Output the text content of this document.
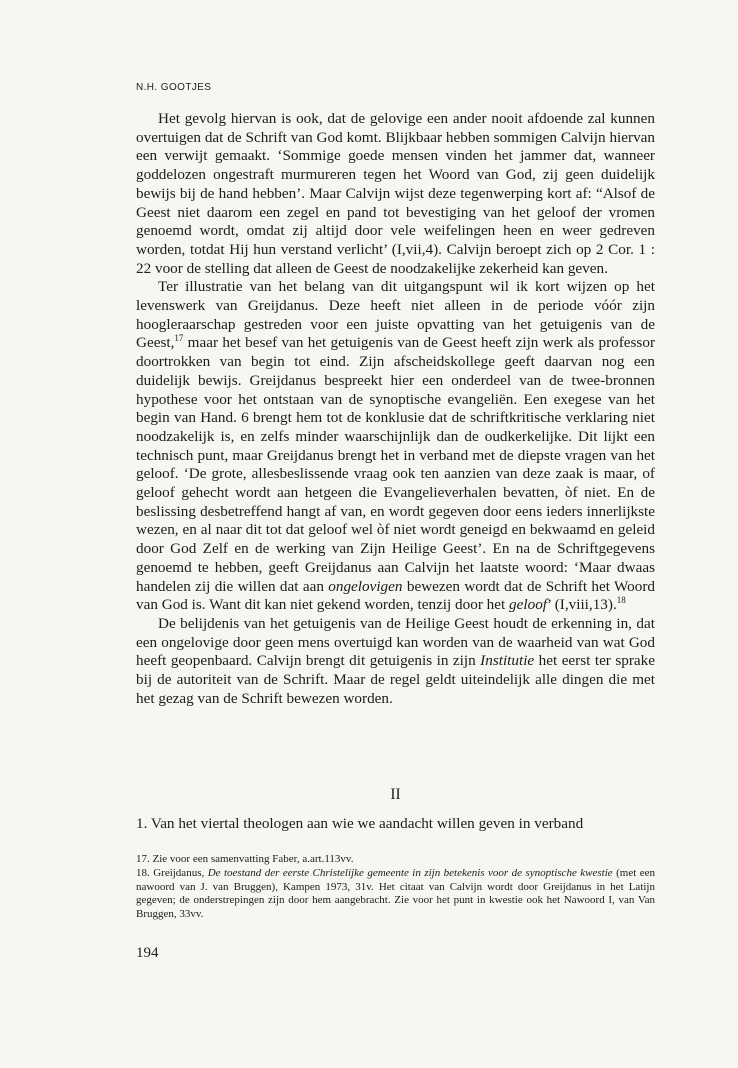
N.H. GOOTJES

Het gevolg hiervan is ook, dat de gelovige een ander nooit afdoende zal kunnen overtuigen dat de Schrift van God komt. Blijkbaar hebben sommigen Calvijn hiervan een verwijt gemaakt. ‘Sommige goede mensen vinden het jammer dat, wanneer goddelozen ongestraft murmureren tegen het Woord van God, zij geen duidelijk bewijs bij de hand hebben’. Maar Calvijn wijst deze tegenwerping kort af: “Alsof de Geest niet daarom een zegel en pand tot bevestiging van het geloof der vromen genoemd wordt, omdat zij altijd door vele weifelingen heen en weer gedreven worden, totdat Hij hun verstand verlicht’ (I,vii,4). Calvijn beroept zich op 2 Cor. 1 : 22 voor de stelling dat alleen de Geest de noodzakelijke zekerheid kan geven.

Ter illustratie van het belang van dit uitgangspunt wil ik kort wijzen op het levenswerk van Greijdanus. Deze heeft niet alleen in de periode vóór zijn hoogleraarschap gestreden voor een juiste opvatting van het getuigenis van de Geest,$^{17}$ maar het besef van het getuigenis van de Geest heeft zijn werk als professor doortrokken van begin tot eind. Zijn afscheidskollege geeft daarvan nog een duidelijk bewijs. Greijdanus bespreekt hier een onderdeel van de twee-bronnen hypothese voor het ontstaan van de synoptische evangeliën. Een exegese van het begin van Hand. 6 brengt hem tot de konklusie dat de schriftkritische verklaring niet noodzakelijk is, en zelfs minder waarschijnlijk dan de oudkerkelijke. Dit lijkt een technisch punt, maar Greijdanus brengt het in verband met de diepste vragen van het geloof. ‘De grote, allesbeslissende vraag ook ten aanzien van deze zaak is maar, of geloof gehecht wordt aan hetgeen die Evangelieverhalen bevatten, òf niet. En de beslissing desbetreffend hangt af van, en wordt gegeven door eens ieders innerlijkste wezen, en al naar dit tot dat geloof wel òf niet wordt geneigd en bekwaamd en geleid door God Zelf en de werking van Zijn Heilige Geest’. En na de Schriftgegevens genoemd te hebben, geeft Greijdanus aan Calvijn het laatste woord: ‘Maar dwaas handelen zij die willen dat aan ongelovigen bewezen wordt dat de Schrift het Woord van God is. Want dit kan niet gekend worden, tenzij door het geloof’ (I,viii,13).$^{18}$

De belijdenis van het getuigenis van de Heilige Geest houdt de erkenning in, dat een ongelovige door geen mens overtuigd kan worden van de waarheid van wat God heeft geopenbaard. Calvijn brengt dit getuigenis in zijn Institutie het eerst ter sprake bij de autoriteit van de Schrift. Maar de regel geldt uiteindelijk alle dingen die met het gezag van de Schrift bewezen worden.

II
1. Van het viertal theologen aan wie we aandacht willen geven in verband

17. Zie voor een samenvatting Faber, a.art.113vv.

18. Greijdanus, De toestand der eerste Christelijke gemeente in zijn betekenis voor de synoptische kwestie (met een nawoord van J. van Bruggen), Kampen 1973, 31v. Het citaat van Calvijn wordt door Greijdanus in het Latijn gegeven; de onderstrepingen zijn door hem aangebracht. Zie voor het punt in kwestie ook het Nawoord I, van Van Bruggen, 33vv.

194
